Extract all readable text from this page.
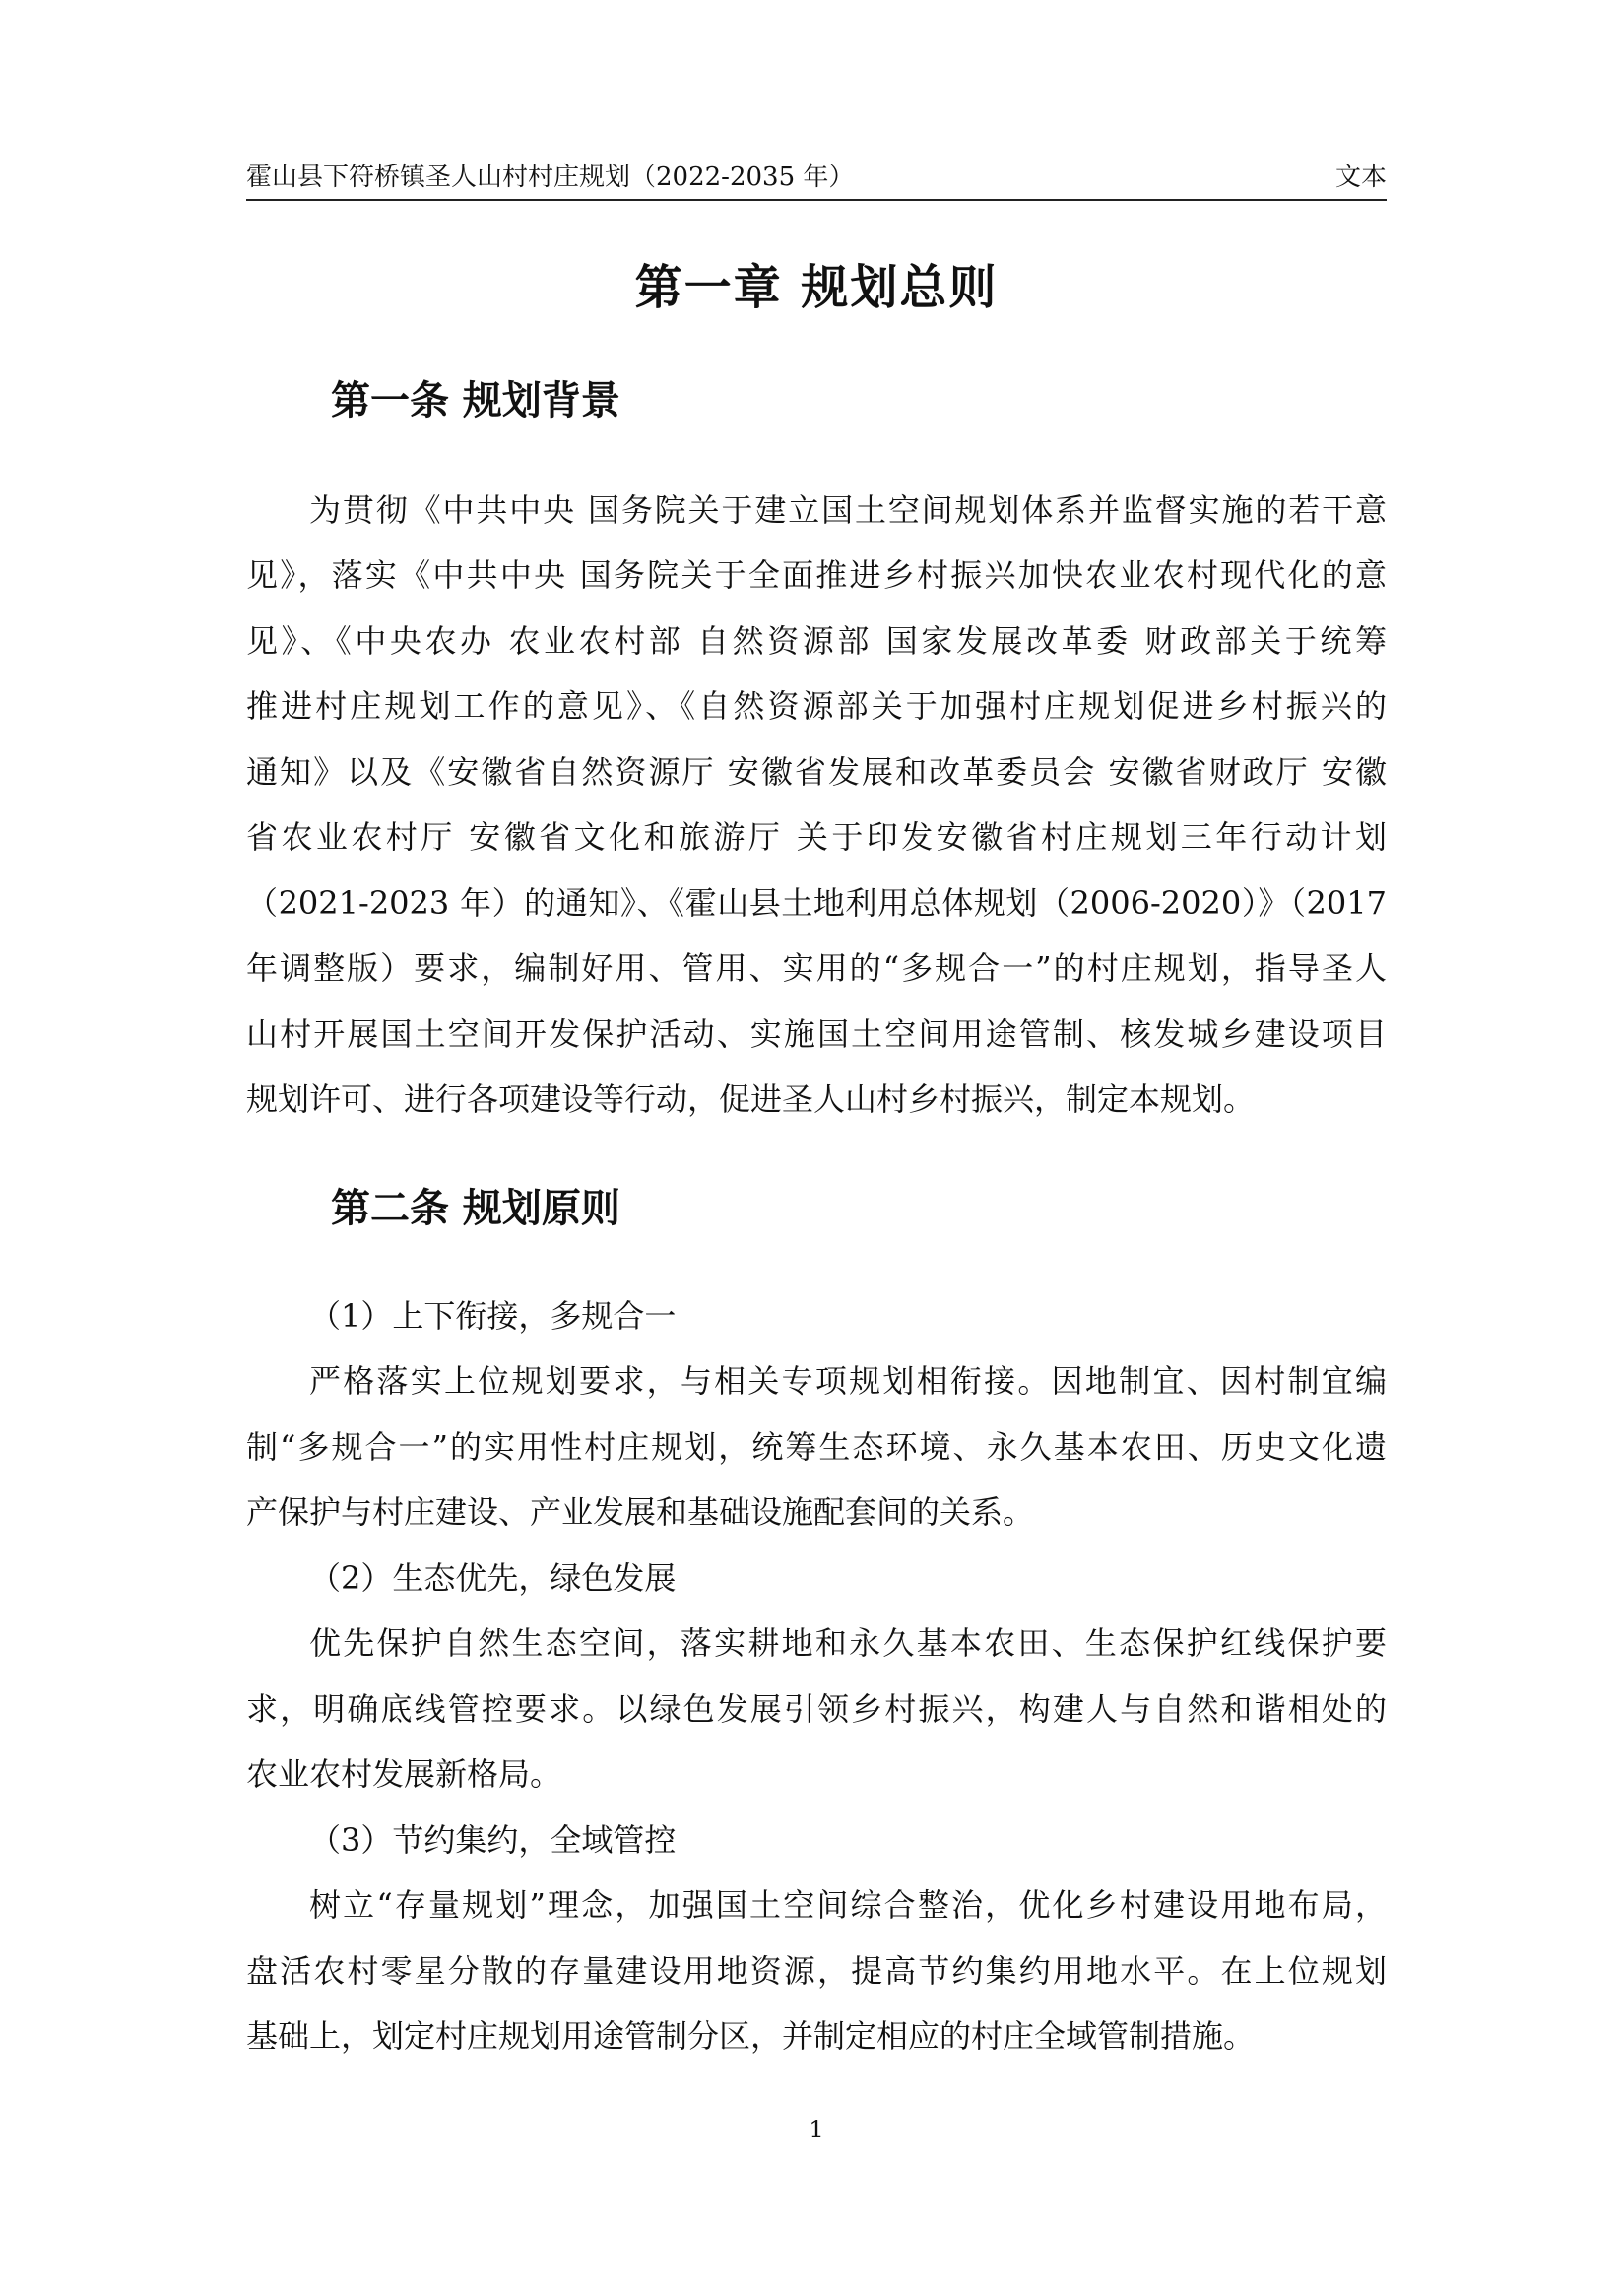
霍山县下符桥镇圣人山村村庄规划（2022-2035 年）	文本
第一章 规划总则
第一条 规划背景
为贯彻《中共中央 国务院关于建立国土空间规划体系并监督实施的若干意
见》，落实《中共中央 国务院关于全面推进乡村振兴加快农业农村现代化的意
见》、《中央农办 农业农村部 自然资源部 国家发展改革委 财政部关于统筹
推进村庄规划工作的意见》、《自然资源部关于加强村庄规划促进乡村振兴的
通知》以及《安徽省自然资源厅 安徽省发展和改革委员会 安徽省财政厅 安徽
省农业农村厅 安徽省文化和旅游厅 关于印发安徽省村庄规划三年行动计划
（2021-2023 年）的通知》、《霍山县土地利用总体规划（2006-2020）》（2017
年调整版）要求，编制好用、管用、实用的“多规合一”的村庄规划，指导圣人
山村开展国土空间开发保护活动、实施国土空间用途管制、核发城乡建设项目
规划许可、进行各项建设等行动，促进圣人山村乡村振兴，制定本规划。
第二条 规划原则
（1）上下衔接，多规合一
严格落实上位规划要求，与相关专项规划相衔接。因地制宜、因村制宜编
制“多规合一”的实用性村庄规划，统筹生态环境、永久基本农田、历史文化遗
产保护与村庄建设、产业发展和基础设施配套间的关系。
（2）生态优先，绿色发展
优先保护自然生态空间，落实耕地和永久基本农田、生态保护红线保护要
求，明确底线管控要求。以绿色发展引领乡村振兴，构建人与自然和谐相处的
农业农村发展新格局。
（3）节约集约，全域管控
树立“存量规划”理念，加强国土空间综合整治，优化乡村建设用地布局，
盘活农村零星分散的存量建设用地资源，提高节约集约用地水平。在上位规划
基础上，划定村庄规划用途管制分区，并制定相应的村庄全域管制措施。
1
